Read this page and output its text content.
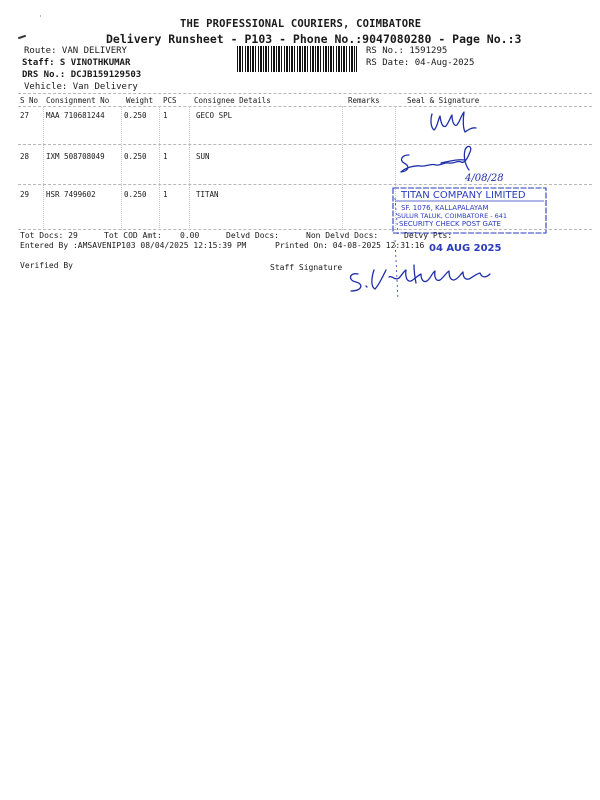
'	THE PROFESSIONAL COURIERS, COIMBATORE
Delivery Runsheet - P103 - Phone No.:9047080280 - Page No.:3
Route: VAN DELIVERY
Staff: S VINOTHKUMAR
DRS No.: DCJB159129503
Vehicle: Van Delivery
RS No.: 1591295
RS Date: 04-Aug-2025
S No Consignment No Weight PCS Consignee Details	Remarks	Seal & Signature
27 MAA 710681244	0.250 1	GECO SPL
28 IXM 508708049	0.250 1	SUN
29 HSR 7499602	0.250 1	TITAN
Tot Docs: 29	Tot COD Amt: 0.00	Delvd Docs:	Non Delvd Docs:	Delvy Pts:
Entered By :AMSAVENIP103 08/04/2025 12:15:39 PM	Printed On: 04-08-2025 12:31:16
Verified By	Staff Signature
4/08/28
TITAN COMPANY LIMITED
SF. 1076, KALLAPALAYAM
SULUR TALUK, COIMBATORE - 641
SECURITY CHECK POST GATE
04 AUG 2025
